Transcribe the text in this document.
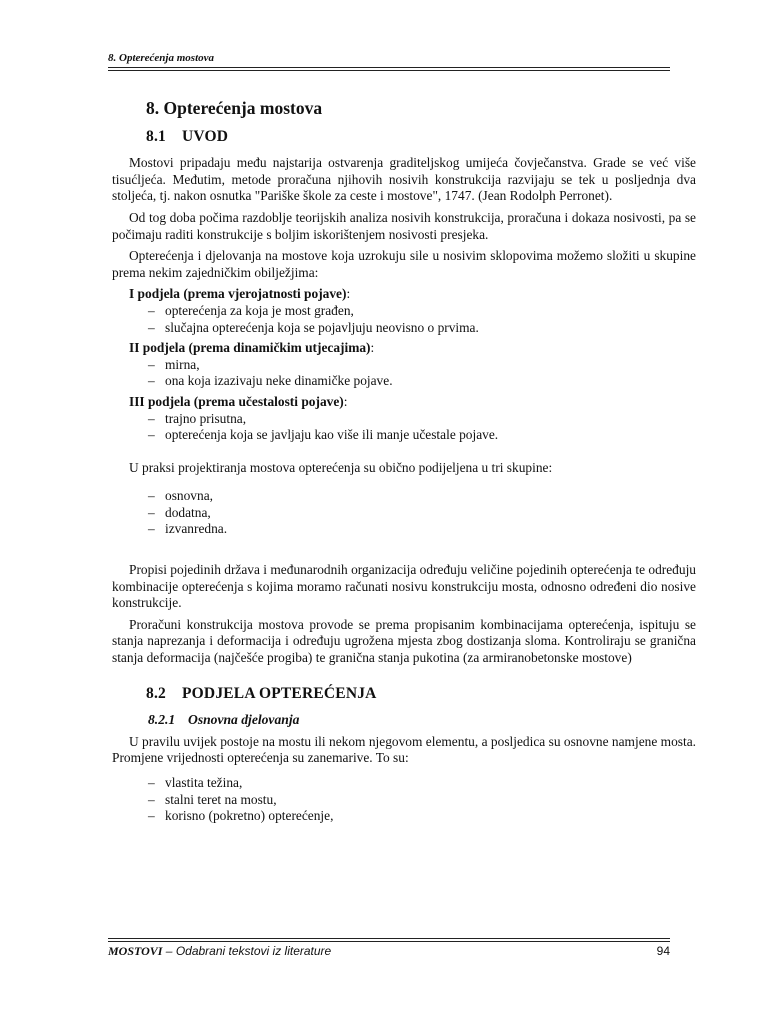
8. Opterećenja mostova
8. Opterećenja mostova
8.1 UVOD

Mostovi pripadaju među najstarija ostvarenja graditeljskog umijeća čovječanstva. Grade se već više tisućljeća. Međutim, metode proračuna njihovih nosivih konstrukcija razvijaju se tek u posljednja dva stoljeća, tj. nakon osnutka "Pariške škole za ceste i mostove", 1747. (Jean Rodolph Perronet).

Od tog doba počima razdoblje teorijskih analiza nosivih konstrukcija, proračuna i dokaza nosivosti, pa se počimaju raditi konstrukcije s boljim iskorištenjem nosivosti presjeka.

Opterećenja i djelovanja na mostove koja uzrokuju sile u nosivim sklopovima možemo složiti u skupine prema nekim zajedničkim obilježjima:

I podjela (prema vjerojatnosti pojave):
– opterećenja za koja je most građen,
– slučajna opterećenja koja se pojavljuju neovisno o prvima.
II podjela (prema dinamičkim utjecajima):
– mirna,
– ona koja izazivaju neke dinamičke pojave.
III podjela (prema učestalosti pojave):
– trajno prisutna,
– opterećenja koja se javljaju kao više ili manje učestale pojave.

U praksi projektiranja mostova opterećenja su obično podijeljena u tri skupine:

– osnovna,
– dodatna,
– izvanredna.

Propisi pojedinih država i međunarodnih organizacija određuju veličine pojedinih opterećenja te određuju kombinacije opterećenja s kojima moramo računati nosivu konstrukciju mosta, odnosno određeni dio nosive konstrukcije.

Proračuni konstrukcija mostova provode se prema propisanim kombinacijama opterećenja, ispituju se stanja naprezanja i deformacija i određuju ugrožena mjesta zbog dostizanja sloma. Kontroliraju se granična stanja deformacija (najčešće progiba) te granična stanja pukotina (za armiranobetonske mostove)

8.2 PODJELA OPTEREĆENJA
8.2.1 Osnovna djelovanja

U pravilu uvijek postoje na mostu ili nekom njegovom elementu, a posljedica su osnovne namjene mosta. Promjene vrijednosti opterećenja su zanemarive. To su:

– vlastita težina,
– stalni teret na mostu,
– korisno (pokretno) opterećenje,
MOSTOVI – Odabrani tekstovi iz literature	94
